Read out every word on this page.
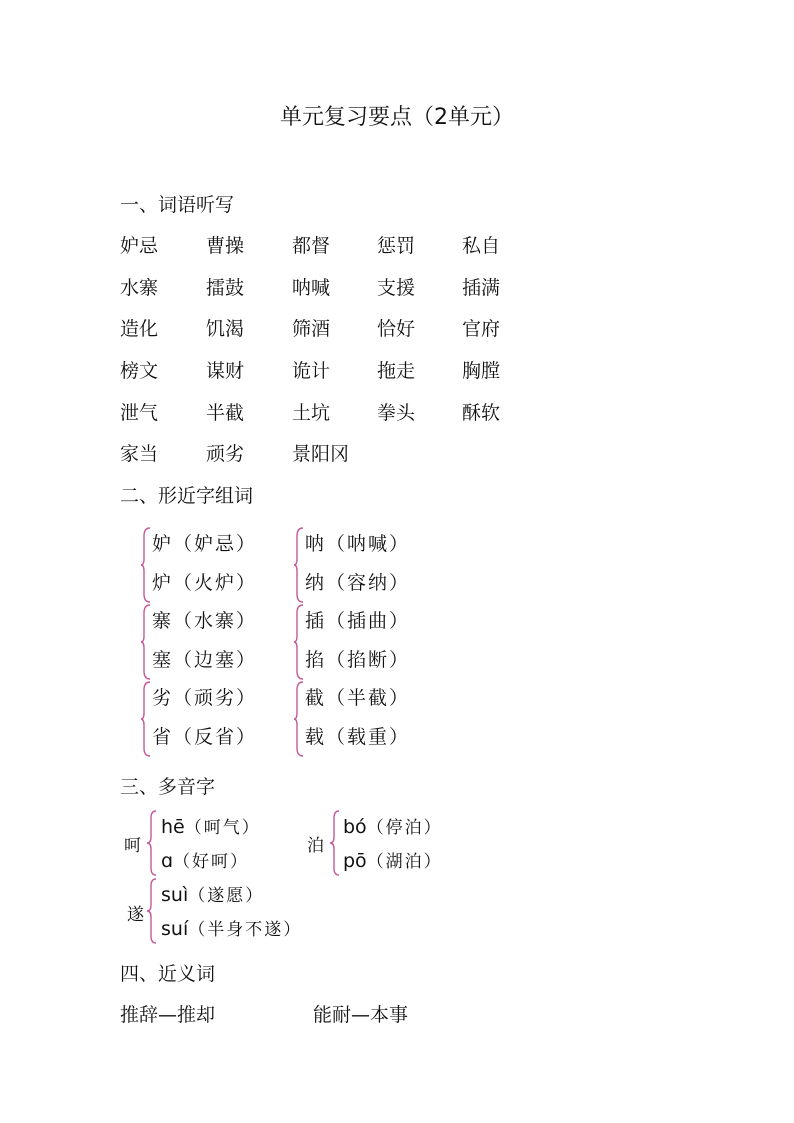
单元复习要点（2单元）
一、词语听写
妒忌	曹操	都督 惩罚 私自
水寨	擂鼓	呐喊 支援 插满
造化	饥渴	筛酒 恰好 官府
榜文	谋财	诡计 拖走 胸膛
泄气	半截	土坑 拳头 酥软
家当	顽劣	景阳冈
二、形近字组词
妒（妒忌）
炉（火炉）
呐（呐喊）
纳（容纳）
寨（水寨）
塞（边塞）
插（插曲）
掐（掐断）
劣（顽劣）
省（反省）
截（半截）
载（载重）
三、多音字
呵
hē（呵气）
ɑ（好呵）
泊
bó（停泊）
pō（湖泊）
遂
suì（遂愿）
suí（半身不遂）
四、近义词
推辞—推却	能耐—本事
